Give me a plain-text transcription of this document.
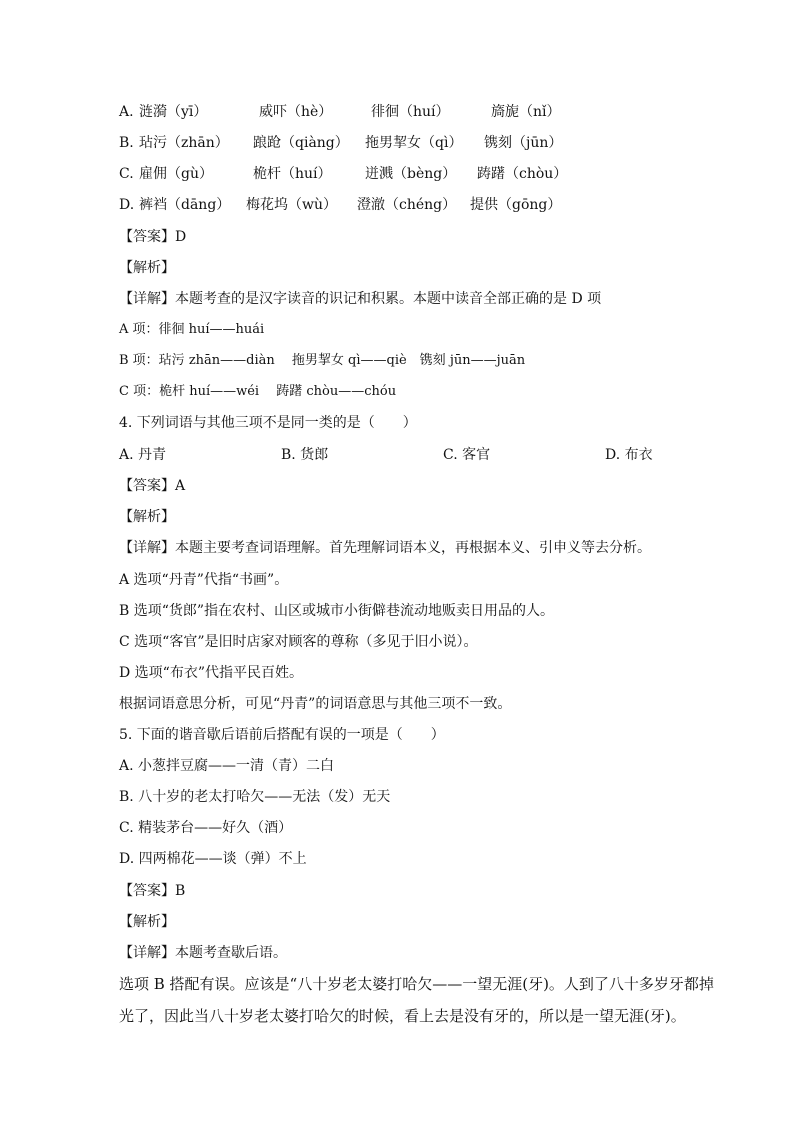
A. 涟漪（yī）	威吓（hè）	徘徊（huí）	旖旎（nǐ）
B. 玷污（zhān） 踉跄（qiàng） 拖男挈女（qì） 镌刻（jūn）
C. 雇佣（gù）	桅杆（huí） 迸溅（bèng） 踌躇（chòu）
D. 裤裆（dāng） 梅花坞（wù） 澄澈（chéng） 提供（gōng）
【答案】D
【解析】
【详解】本题考查的是汉字读音的识记和积累。本题中读音全部正确的是 D 项
A 项：徘徊 huí——huái
B 项：玷污 zhān——diàn　 拖男挈女 qì——qiè　镌刻 jūn——juān
C 项：桅杆 huí——wéi　 踌躇 chòu——chóu
4. 下列词语与其他三项不是同一类的是（　　）
A. 丹青	B. 货郎	C. 客官	D. 布衣
【答案】A
【解析】
【详解】本题主要考查词语理解。首先理解词语本义，再根据本义、引申义等去分析。
A 选项“丹青”代指“书画”。
B 选项“货郎”指在农村、山区或城市小街僻巷流动地贩卖日用品的人。
C 选项“客官”是旧时店家对顾客的尊称（多见于旧小说）。
D 选项“布衣”代指平民百姓。
根据词语意思分析，可见“丹青”的词语意思与其他三项不一致。
5. 下面的谐音歇后语前后搭配有误的一项是（　　）
A. 小葱拌豆腐——一清（青）二白
B. 八十岁的老太打哈欠——无法（发）无天
C. 精装茅台——好久（酒）
D. 四两棉花——谈（弹）不上
【答案】B
【解析】
【详解】本题考查歇后语。
选项 B 搭配有误。应该是“八十岁老太婆打哈欠——一望无涯(牙)。人到了八十多岁牙都掉
光了，因此当八十岁老太婆打哈欠的时候，看上去是没有牙的，所以是一望无涯(牙)。
